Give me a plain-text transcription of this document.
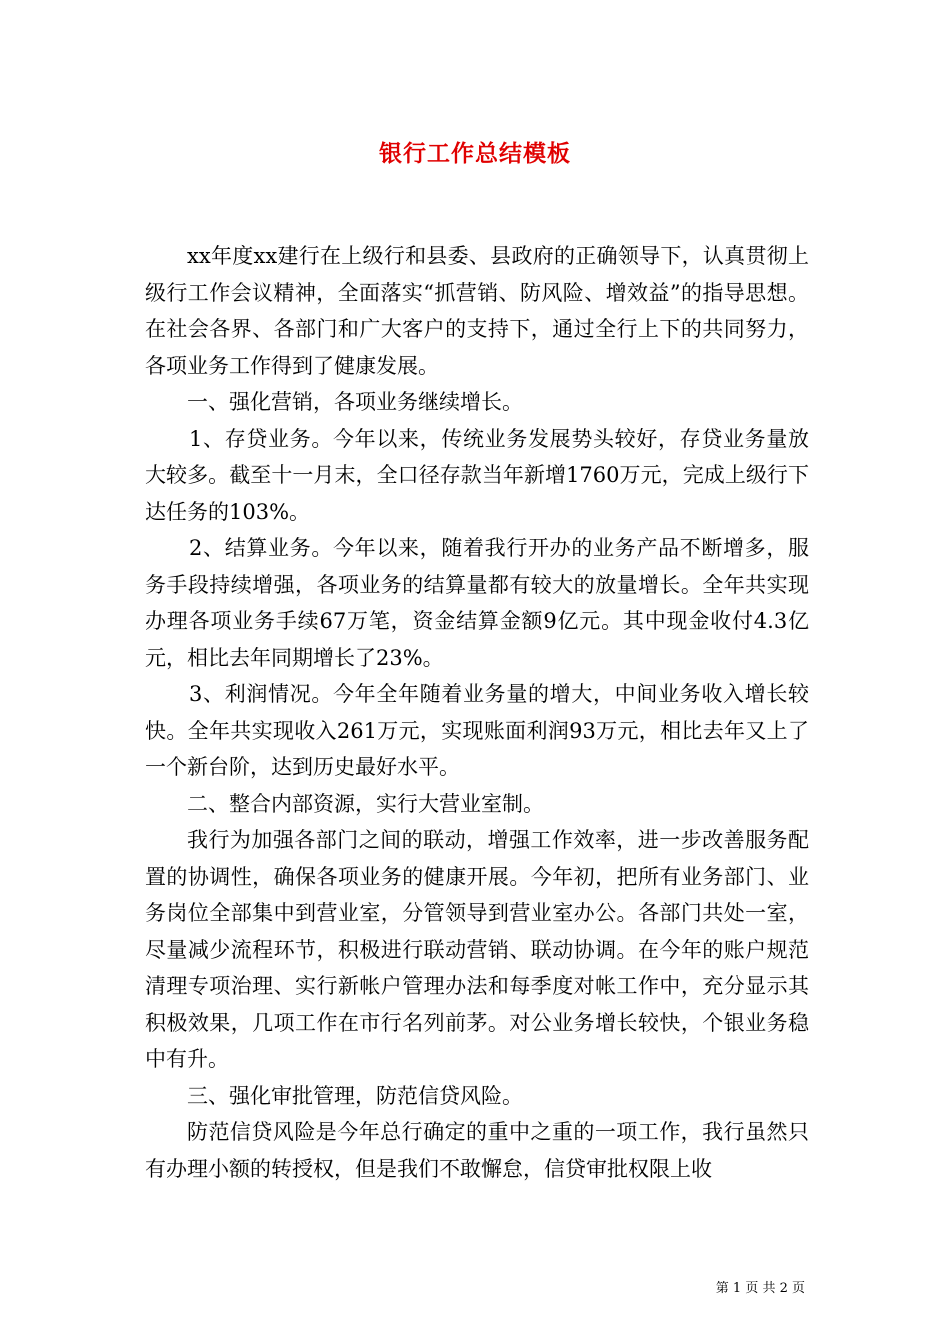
银行工作总结模板

xx年度xx建行在上级行和县委、县政府的正确领导下，认真贯彻上级行工作会议精神，全面落实“抓营销、防风险、增效益”的指导思想。在社会各界、各部门和广大客户的支持下，通过全行上下的共同努力，各项业务工作得到了健康发展。

一、强化营销，各项业务继续增长。

1、存贷业务。今年以来，传统业务发展势头较好，存贷业务量放大较多。截至十一月末，全口径存款当年新增1760万元，完成上级行下达任务的103%。

2、结算业务。今年以来，随着我行开办的业务产品不断增多，服务手段持续增强，各项业务的结算量都有较大的放量增长。全年共实现办理各项业务手续67万笔，资金结算金额9亿元。其中现金收付4.3亿元，相比去年同期增长了23%。

3、利润情况。今年全年随着业务量的增大，中间业务收入增长较快。全年共实现收入261万元，实现账面利润93万元，相比去年又上了一个新台阶，达到历史最好水平。

二、整合内部资源，实行大营业室制。

我行为加强各部门之间的联动，增强工作效率，进一步改善服务配置的协调性，确保各项业务的健康开展。今年初，把所有业务部门、业务岗位全部集中到营业室，分管领导到营业室办公。各部门共处一室，尽量减少流程环节，积极进行联动营销、联动协调。在今年的账户规范清理专项治理、实行新帐户管理办法和每季度对帐工作中，充分显示其积极效果，几项工作在市行名列前茅。对公业务增长较快，个银业务稳中有升。

三、强化审批管理，防范信贷风险。

防范信贷风险是今年总行确定的重中之重的一项工作，我行虽然只有办理小额的转授权，但是我们不敢懈怠，信贷审批权限上收

第 1 页 共 2 页
